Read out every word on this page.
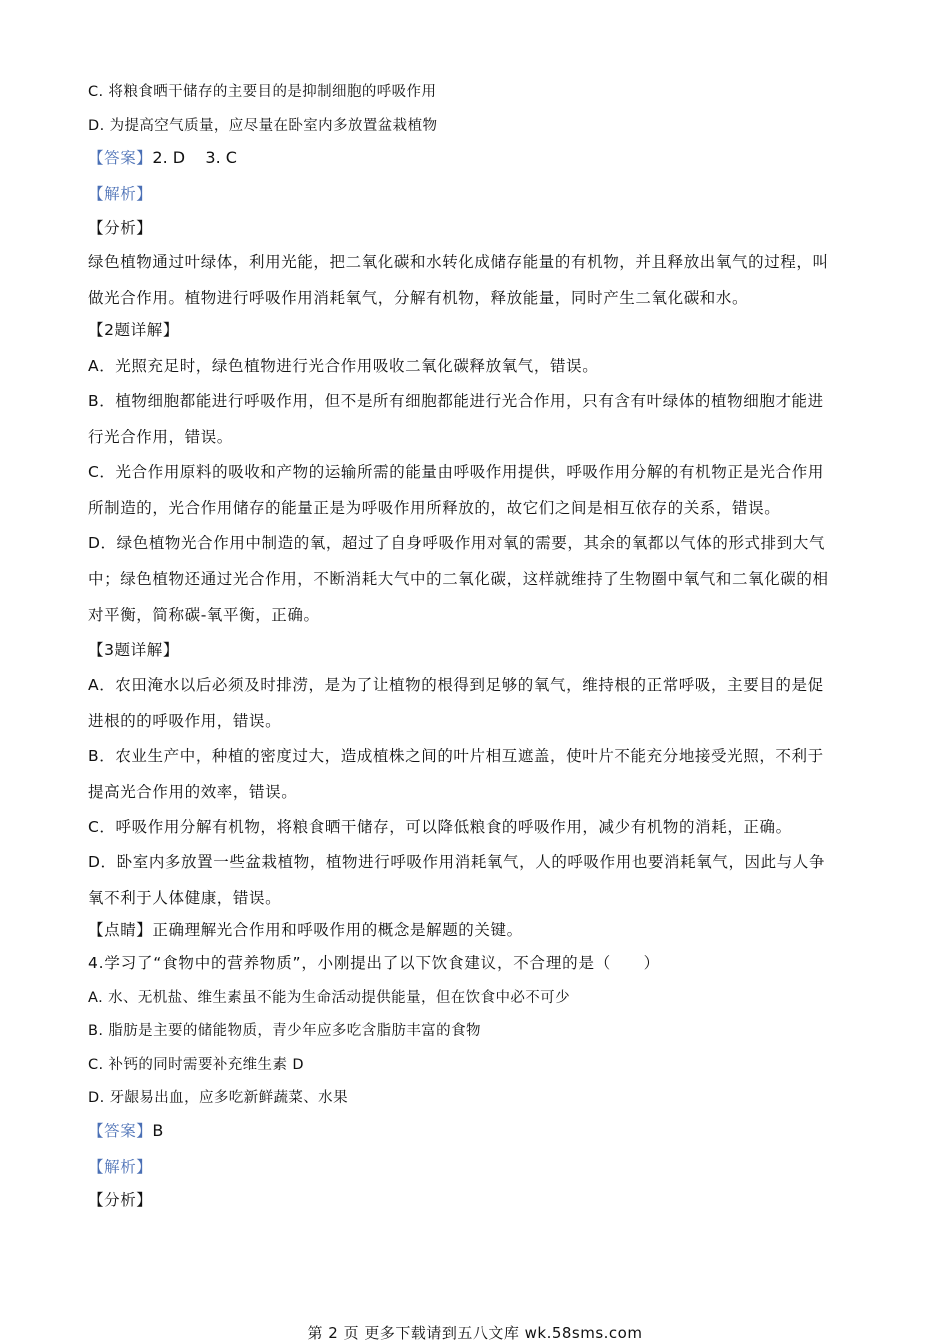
C. 将粮食晒干储存的主要目的是抑制细胞的呼吸作用
D. 为提高空气质量，应尽量在卧室内多放置盆栽植物
【答案】2. D    3. C
【解析】
【分析】
绿色植物通过叶绿体，利用光能，把二氧化碳和水转化成储存能量的有机物，并且释放出氧气的过程，叫
做光合作用。植物进行呼吸作用消耗氧气，分解有机物，释放能量，同时产生二氧化碳和水。
【2题详解】
A．光照充足时，绿色植物进行光合作用吸收二氧化碳释放氧气，错误。
B．植物细胞都能进行呼吸作用，但不是所有细胞都能进行光合作用，只有含有叶绿体的植物细胞才能进
行光合作用，错误。
C．光合作用原料的吸收和产物的运输所需的能量由呼吸作用提供，呼吸作用分解的有机物正是光合作用
所制造的，光合作用储存的能量正是为呼吸作用所释放的，故它们之间是相互依存的关系，错误。
D．绿色植物光合作用中制造的氧，超过了自身呼吸作用对氧的需要，其余的氧都以气体的形式排到大气
中；绿色植物还通过光合作用，不断消耗大气中的二氧化碳，这样就维持了生物圈中氧气和二氧化碳的相
对平衡，简称碳-氧平衡，正确。
【3题详解】
A．农田淹水以后必须及时排涝，是为了让植物的根得到足够的氧气，维持根的正常呼吸，主要目的是促
进根的的呼吸作用，错误。
B．农业生产中，种植的密度过大，造成植株之间的叶片相互遮盖，使叶片不能充分地接受光照，不利于
提高光合作用的效率，错误。
C．呼吸作用分解有机物，将粮食晒干储存，可以降低粮食的呼吸作用，减少有机物的消耗，正确。
D．卧室内多放置一些盆栽植物，植物进行呼吸作用消耗氧气，人的呼吸作用也要消耗氧气，因此与人争
氧不利于人体健康，错误。
【点睛】正确理解光合作用和呼吸作用的概念是解题的关键。
4.学习了“食物中的营养物质”，小刚提出了以下饮食建议，不合理的是（　　）
A. 水、无机盐、维生素虽不能为生命活动提供能量，但在饮食中必不可少
B. 脂肪是主要的储能物质，青少年应多吃含脂肪丰富的食物
C. 补钙的同时需要补充维生素 D
D. 牙龈易出血，应多吃新鲜蔬菜、水果
【答案】B
【解析】
【分析】
第 2 页 更多下载请到五八文库 wk.58sms.com
